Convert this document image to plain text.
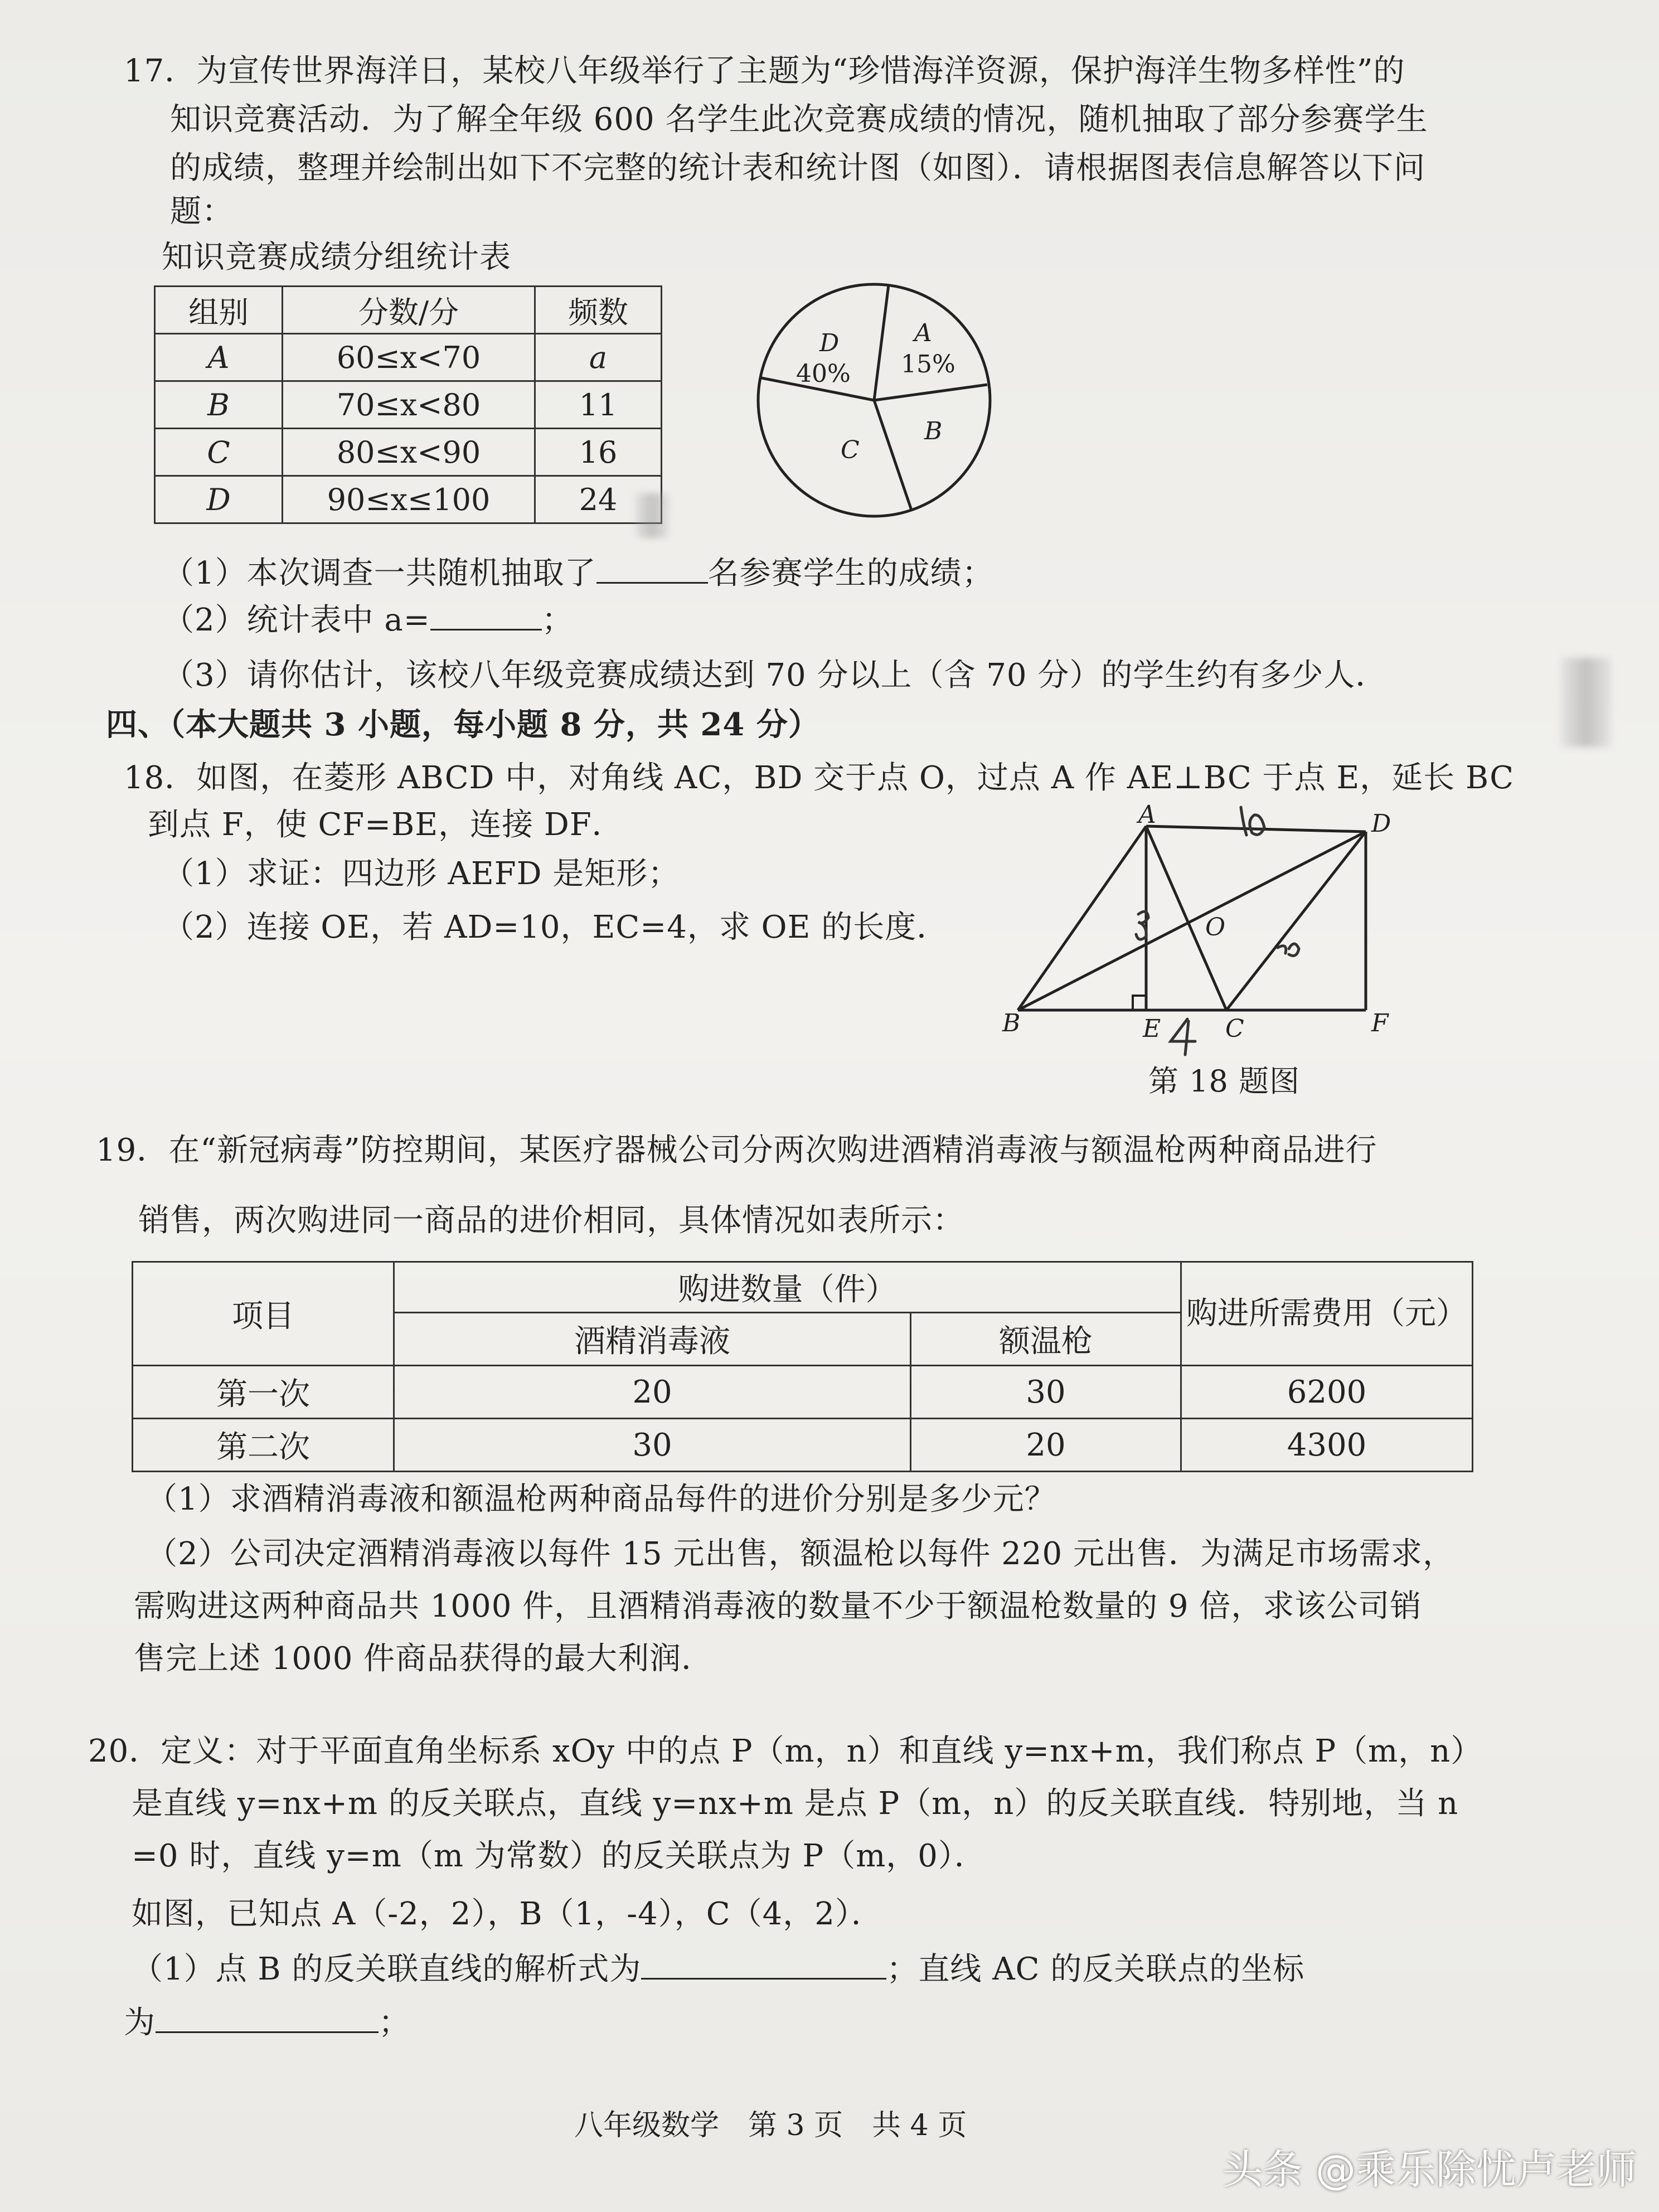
17．为宣传世界海洋日，某校八年级举行了主题为“珍惜海洋资源，保护海洋生物多样性”的
知识竞赛活动．为了解全年级 600 名学生此次竞赛成绩的情况，随机抽取了部分参赛学生
的成绩，整理并绘制出如下不完整的统计表和统计图（如图）．请根据图表信息解答以下问
题：
知识竞赛成绩分组统计表
组别	分数/分	频数
A	60≤x<70	a
B	70≤x<80	11
C	80≤x<90	16
D	90≤x≤100	24
D
40%
A
15%
B
C
（1）本次调查一共随机抽取了	名参赛学生的成绩；
（2）统计表中 a=	；
（3）请你估计，该校八年级竞赛成绩达到 70 分以上（含 70 分）的学生约有多少人．
四、（本大题共 3 小题，每小题 8 分，共 24 分）
18．如图，在菱形 ABCD 中，对角线 AC，BD 交于点 O，过点 A 作 AE⊥BC 于点 E，延长 BC
到点 F，使 CF=BE，连接 DF．
（1）求证：四边形 AEFD 是矩形；
（2）连接 OE，若 AD=10，EC=4，求 OE 的长度．
A	D
B	E	C	F
O
第 18 题图
19．在“新冠病毒”防控期间，某医疗器械公司分两次购进酒精消毒液与额温枪两种商品进行
销售，两次购进同一商品的进价相同，具体情况如表所示：
项目	购进数量（件）		购进所需费用（元）
	酒精消毒液	额温枪	
第一次	20	30	6200
第二次	30	20	4300
（1）求酒精消毒液和额温枪两种商品每件的进价分别是多少元？
（2）公司决定酒精消毒液以每件 15 元出售，额温枪以每件 220 元出售．为满足市场需求，
需购进这两种商品共 1000 件，且酒精消毒液的数量不少于额温枪数量的 9 倍，求该公司销
售完上述 1000 件商品获得的最大利润．
20．定义：对于平面直角坐标系 xOy 中的点 P（m，n）和直线 y=nx+m，我们称点 P（m，n）
是直线 y=nx+m 的反关联点，直线 y=nx+m 是点 P（m，n）的反关联直线．特别地，当 n
=0 时，直线 y=m（m 为常数）的反关联点为 P（m，0）．
如图，已知点 A（-2，2），B（1，-4），C（4，2）．
（1）点 B 的反关联直线的解析式为	；直线 AC 的反关联点的坐标
为	；
八年级数学　第 3 页　共 4 页
头条 @乘乐除忧卢老师
